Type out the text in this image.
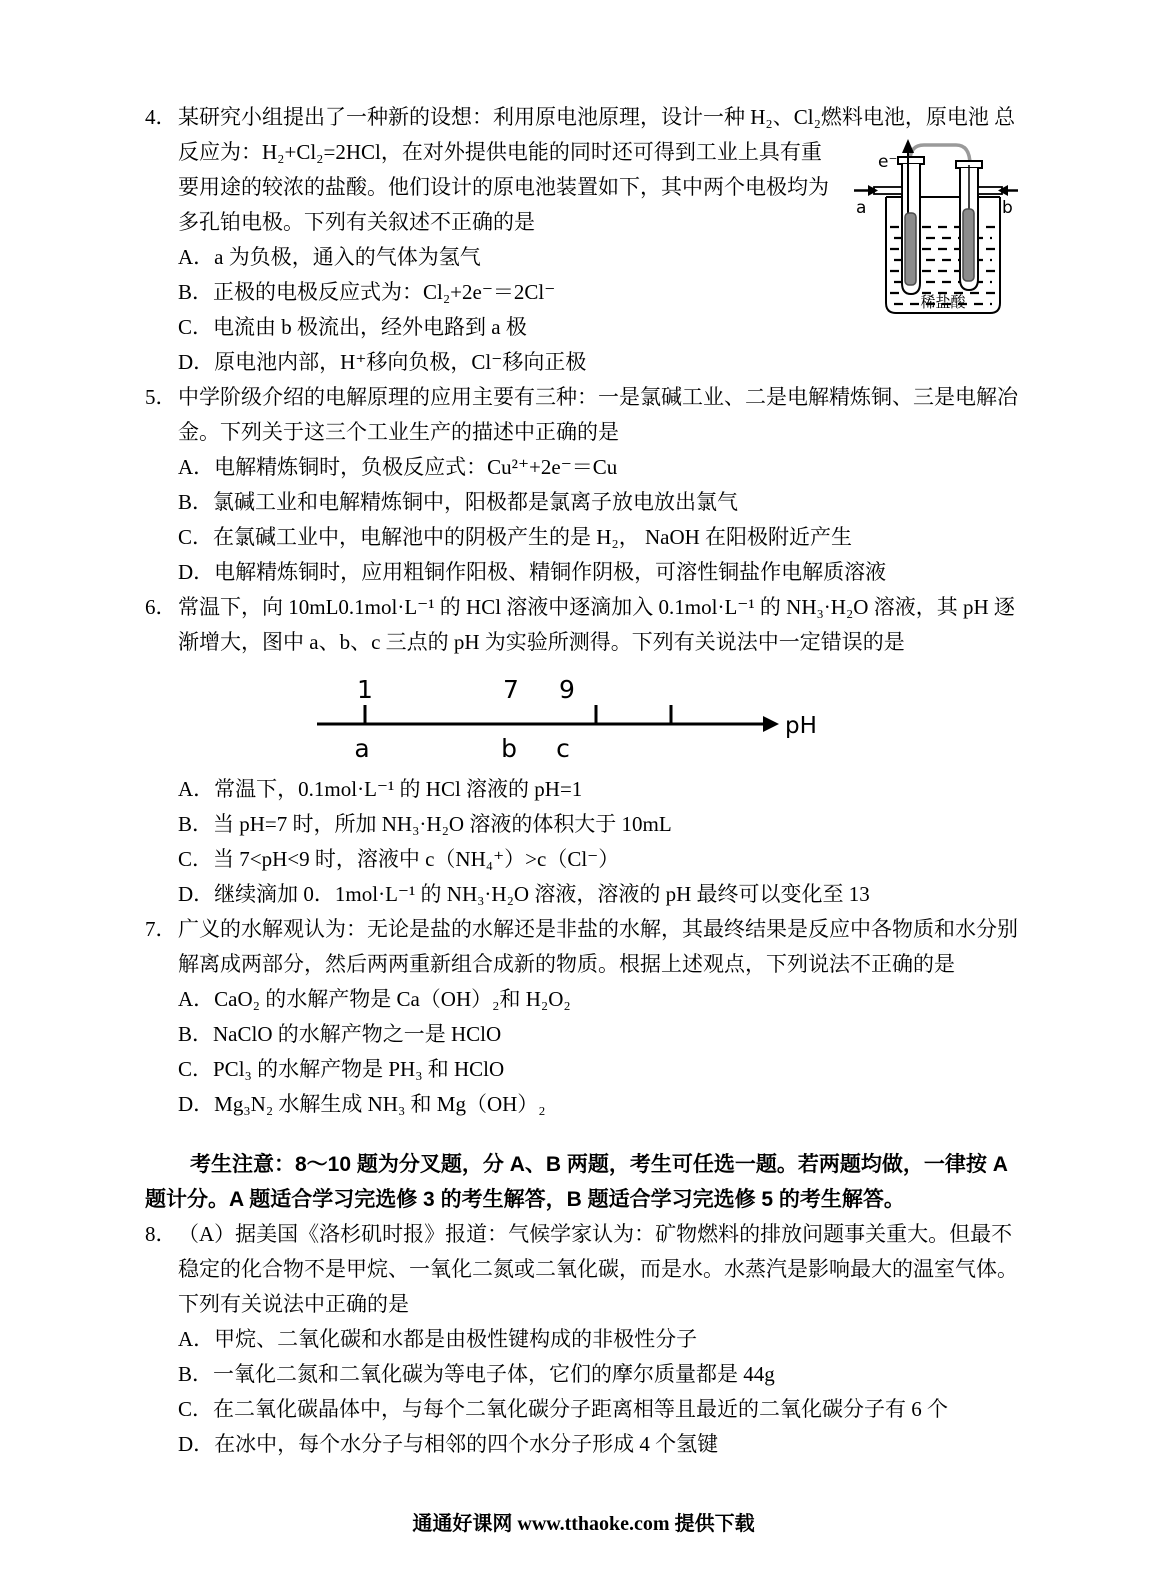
4． 某研究小组提出了一种新的设想：利用原电池原理，设计一种 H₂、Cl₂燃料电池，原电池
e⁻
a	b
稀盐酸
总反应为：H₂+Cl₂=2HCl，在对外提供电能的同时还可得到工业上具有重要用途的较浓的盐酸。他们设计的原电池装置如下，其中两个电极均为多孔铂电极。下列有关叙述不正确的是

A．a 为负极，通入的气体为氢气

B．正极的电极反应式为：Cl₂+2e⁻＝2Cl⁻

C．电流由 b 极流出，经外电路到 a 极

D．原电池内部，H⁺移向负极，Cl⁻移向正极

5． 中学阶级介绍的电解原理的应用主要有三种：一是氯碱工业、二是电解精炼铜、三是电解冶金。下列关于这三个工业生产的描述中正确的是

A．电解精炼铜时，负极反应式：Cu²⁺+2e⁻＝Cu

B．氯碱工业和电解精炼铜中，阳极都是氯离子放电放出氯气

C．在氯碱工业中，电解池中的阴极产生的是 H₂， NaOH 在阳极附近产生

D．电解精炼铜时，应用粗铜作阳极、精铜作阴极，可溶性铜盐作电解质溶液

6． 常温下，向 10mL0.1mol·L⁻¹ 的 HCl 溶液中逐滴加入 0.1mol·L⁻¹ 的 NH₃·H₂O 溶液，其 pH 逐渐增大，图中 a、b、c 三点的 pH 为实验所测得。下列有关说法中一定错误的是

1	7 9
a	b c
pH

A．常温下，0.1mol·L⁻¹ 的 HCl 溶液的 pH=1

B．当 pH=7 时，所加 NH₃·H₂O 溶液的体积大于 10mL

C．当 7<pH<9 时，溶液中 c（NH₄⁺）>c（Cl⁻）

D．继续滴加 0．1mol·L⁻¹ 的 NH₃·H₂O 溶液，溶液的 pH 最终可以变化至 13

7． 广义的水解观认为：无论是盐的水解还是非盐的水解，其最终结果是反应中各物质和水分别解离成两部分，然后两两重新组合成新的物质。根据上述观点，下列说法不正确的是

A．CaO₂ 的水解产物是 Ca（OH）₂和 H₂O₂

B．NaClO 的水解产物之一是 HClO

C．PCl₃ 的水解产物是 PH₃ 和 HClO

D．Mg₃N₂ 水解生成 NH₃ 和 Mg（OH）₂

考生注意：8～10 题为分叉题，分 A、B 两题，考生可任选一题。若两题均做，一律按 A 题计分。A 题适合学习完选修 3 的考生解答，B 题适合学习完选修 5 的考生解答。

8． （A）据美国《洛杉矶时报》报道：气候学家认为：矿物燃料的排放问题事关重大。但最不稳定的化合物不是甲烷、一氧化二氮或二氧化碳，而是水。水蒸汽是影响最大的温室气体。下列有关说法中正确的是

A．甲烷、二氧化碳和水都是由极性键构成的非极性分子

B．一氧化二氮和二氧化碳为等电子体，它们的摩尔质量都是 44g

C．在二氧化碳晶体中，与每个二氧化碳分子距离相等且最近的二氧化碳分子有 6 个

D．在冰中，每个水分子与相邻的四个水分子形成 4 个氢键

通通好课网 www.tthaoke.com 提供下载
